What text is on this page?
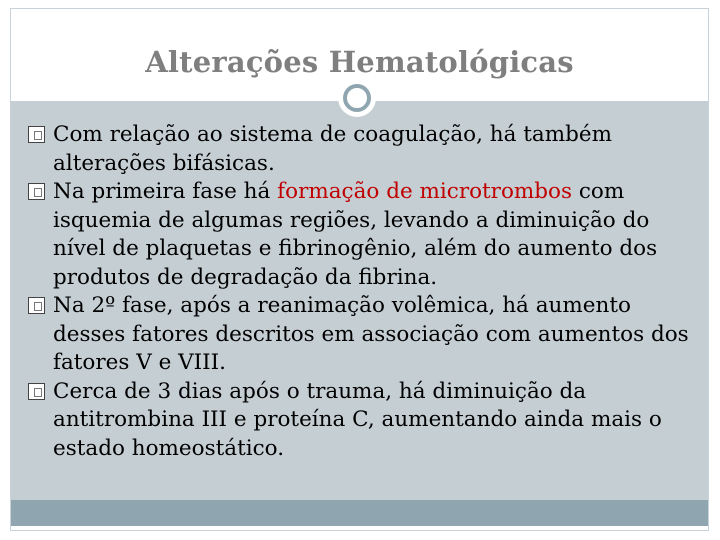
Alterações Hematológicas

Com relação ao sistema de coagulação, há também alterações bifásicas.

Na primeira fase há formação de microtrombos com isquemia de algumas regiões, levando a diminuição do nível de plaquetas e fibrinogênio, além do aumento dos produtos de degradação da fibrina.

Na 2º fase, após a reanimação volêmica, há aumento desses fatores descritos em associação com aumentos dos fatores V e VIII.

Cerca de 3 dias após o trauma, há diminuição da antitrombina III e proteína C, aumentando ainda mais o estado homeostático.
